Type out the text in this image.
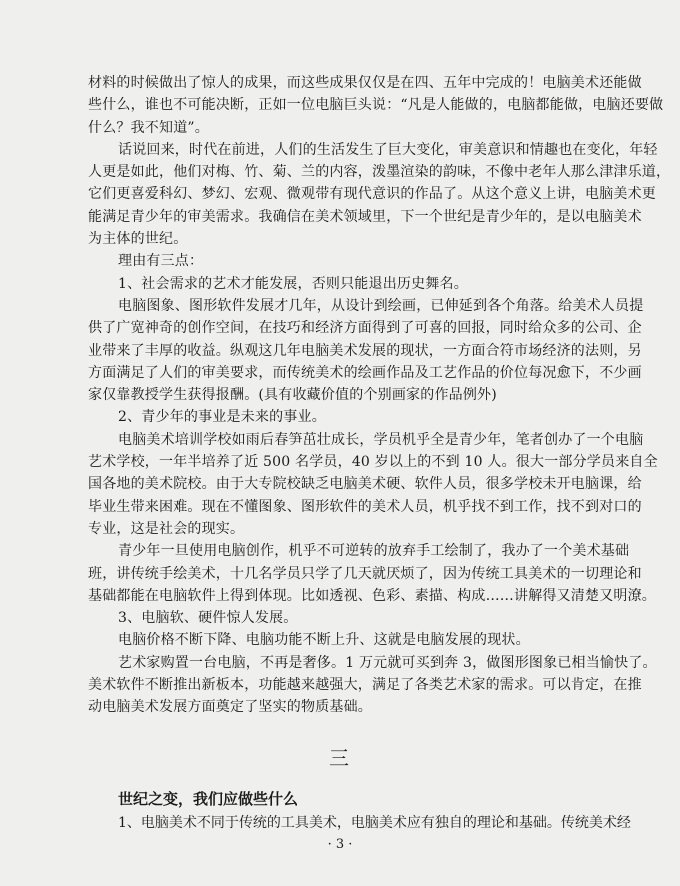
材料的时候做出了惊人的成果，而这些成果仅仅是在四、五年中完成的！电脑美术还能做
些什么，谁也不可能决断，正如一位电脑巨头说：“凡是人能做的，电脑都能做，电脑还要做
什么？我不知道”。
话说回来，时代在前进，人们的生活发生了巨大变化，审美意识和情趣也在变化，年轻
人更是如此，他们对梅、竹、菊、兰的内容，泼墨渲染的韵味，不像中老年人那么津津乐道，
它们更喜爱科幻、梦幻、宏观、微观带有现代意识的作品了。从这个意义上讲，电脑美术更
能满足青少年的审美需求。我确信在美术领域里，下一个世纪是青少年的，是以电脑美术
为主体的世纪。
理由有三点：
1、社会需求的艺术才能发展，否则只能退出历史舞名。
电脑图象、图形软件发展才几年，从设计到绘画，已伸延到各个角落。给美术人员提
供了广宽神奇的创作空间，在技巧和经济方面得到了可喜的回报，同时给众多的公司、企
业带来了丰厚的收益。纵观这几年电脑美术发展的现状，一方面合符市场经济的法则，另
方面满足了人们的审美要求，而传统美术的绘画作品及工艺作品的价位每况愈下，不少画
家仅靠教授学生获得报酬。(具有收藏价值的个别画家的作品例外)
2、青少年的事业是未来的事业。
电脑美术培训学校如雨后春笋茁壮成长，学员机乎全是青少年，笔者创办了一个电脑
艺术学校，一年半培养了近 500 名学员，40 岁以上的不到 10 人。很大一部分学员来自全
国各地的美术院校。由于大专院校缺乏电脑美术硬、软件人员，很多学校未开电脑课，给
毕业生带来困难。现在不懂图象、图形软件的美术人员，机乎找不到工作，找不到对口的
专业，这是社会的现实。
青少年一旦使用电脑创作，机乎不可逆转的放弃手工绘制了，我办了一个美术基础
班，讲传统手绘美术，十几名学员只学了几天就厌烦了，因为传统工具美术的一切理论和
基础都能在电脑软件上得到体现。比如透视、色彩、素描、构成……讲解得又清楚又明潦。
3、电脑软、硬件惊人发展。
电脑价格不断下降、电脑功能不断上升、这就是电脑发展的现状。
艺术家购置一台电脑，不再是奢侈。1 万元就可买到奔 3，做图形图象已相当愉快了。
美术软件不断推出新板本，功能越来越强大，满足了各类艺术家的需求。可以肯定，在推
动电脑美术发展方面奠定了坚实的物质基础。
三
世纪之变，我们应做些什么
1、电脑美术不同于传统的工具美术，电脑美术应有独自的理论和基础。传统美术经
· 3 ·
